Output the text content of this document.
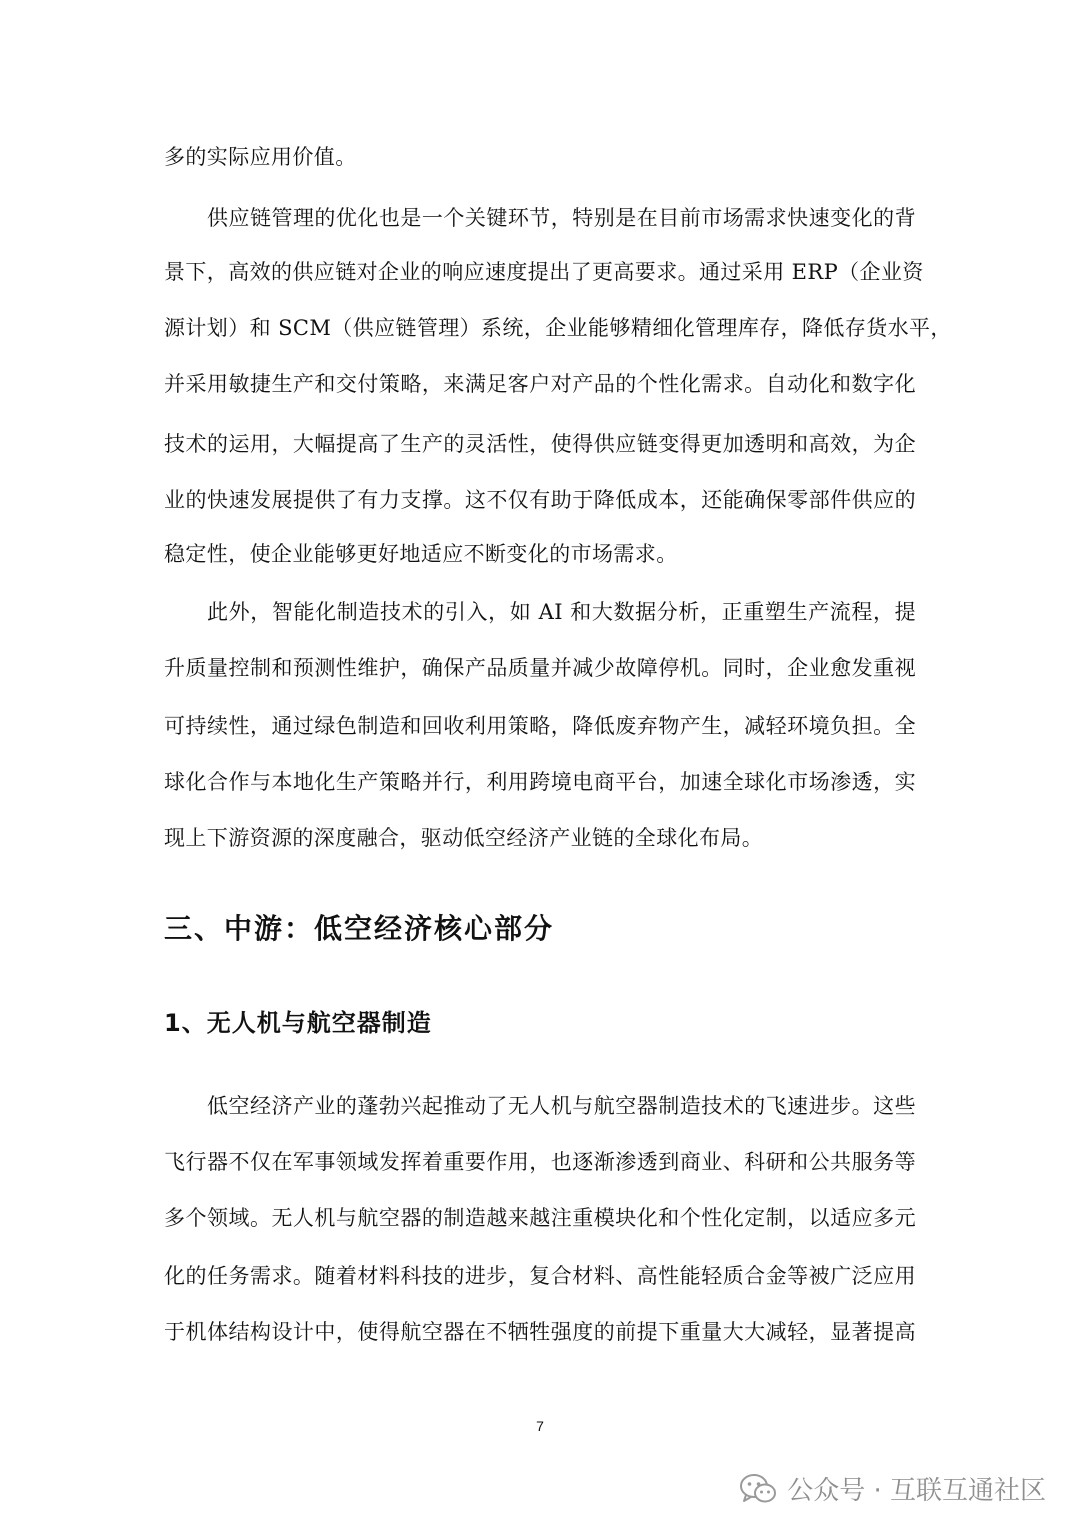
多的实际应用价值。
供应链管理的优化也是一个关键环节，特别是在目前市场需求快速变化的背
景下，高效的供应链对企业的响应速度提出了更高要求。通过采用 ERP（企业资
源计划）和 SCM（供应链管理）系统，企业能够精细化管理库存，降低存货水平，
并采用敏捷生产和交付策略，来满足客户对产品的个性化需求。自动化和数字化
技术的运用，大幅提高了生产的灵活性，使得供应链变得更加透明和高效，为企
业的快速发展提供了有力支撑。这不仅有助于降低成本，还能确保零部件供应的
稳定性，使企业能够更好地适应不断变化的市场需求。
此外，智能化制造技术的引入，如 AI 和大数据分析，正重塑生产流程，提
升质量控制和预测性维护，确保产品质量并减少故障停机。同时，企业愈发重视
可持续性，通过绿色制造和回收利用策略，降低废弃物产生，减轻环境负担。全
球化合作与本地化生产策略并行，利用跨境电商平台，加速全球化市场渗透，实
现上下游资源的深度融合，驱动低空经济产业链的全球化布局。
三、中游：低空经济核心部分
1、无人机与航空器制造
低空经济产业的蓬勃兴起推动了无人机与航空器制造技术的飞速进步。这些
飞行器不仅在军事领域发挥着重要作用，也逐渐渗透到商业、科研和公共服务等
多个领域。无人机与航空器的制造越来越注重模块化和个性化定制，以适应多元
化的任务需求。随着材料科技的进步，复合材料、高性能轻质合金等被广泛应用
于机体结构设计中，使得航空器在不牺牲强度的前提下重量大大减轻，显著提高
7
公众号 · 互联互通社区
